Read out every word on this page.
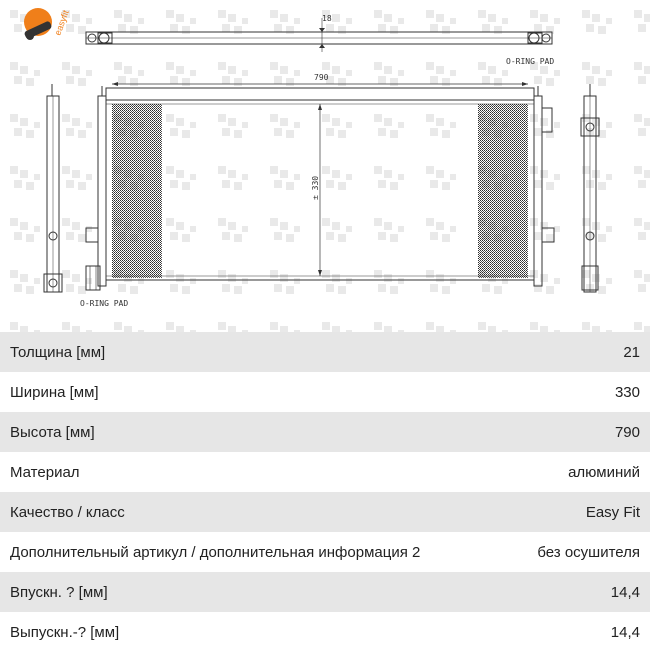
easyfit	18
O-RING PAD
790
± 330
O-RING PAD
Толщина [мм]	21
Ширина [мм]	330
Высота [мм]	790
Материал	алюминий
Качество / класс	Easy Fit
Дополнительный артикул / дополнительная информация 2	без осушителя
Впускн. ? [мм]	14,4
Выпускн.-? [мм]	14,4
